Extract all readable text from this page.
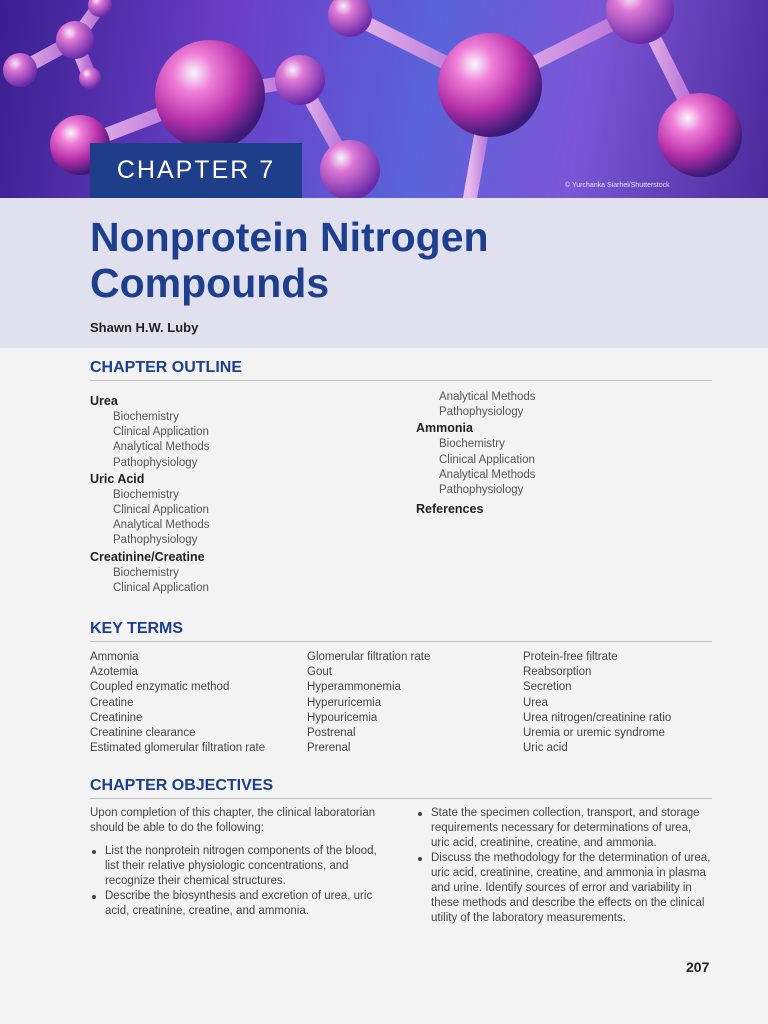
CHAPTER 7
© Yurchanka Siarhei/Shutterstock
Nonprotein Nitrogen
Compounds
Shawn H.W. Luby
CHAPTER OUTLINE
Urea
Biochemistry
Clinical Application
Analytical Methods
Pathophysiology
Uric Acid
Biochemistry
Clinical Application
Analytical Methods
Pathophysiology
Creatinine/Creatine
Biochemistry
Clinical Application
Analytical Methods
Pathophysiology
Ammonia
Biochemistry
Clinical Application
Analytical Methods
Pathophysiology
References
KEY TERMS
Ammonia
Azotemia
Coupled enzymatic method
Creatine
Creatinine
Creatinine clearance
Estimated glomerular filtration rate
Glomerular filtration rate
Gout
Hyperammonemia
Hyperuricemia
Hypouricemia
Postrenal
Prerenal
Protein-free filtrate
Reabsorption
Secretion
Urea
Urea nitrogen/creatinine ratio
Uremia or uremic syndrome
Uric acid
CHAPTER OBJECTIVES
Upon completion of this chapter, the clinical laboratorian should be able to do the following:
List the nonprotein nitrogen components of the blood, list their relative physiologic concentrations, and recognize their chemical structures.
Describe the biosynthesis and excretion of urea, uric acid, creatinine, creatine, and ammonia.
State the specimen collection, transport, and storage requirements necessary for determinations of urea, uric acid, creatinine, creatine, and ammonia.
Discuss the methodology for the determination of urea, uric acid, creatinine, creatine, and ammonia in plasma and urine. Identify sources of error and variability in these methods and describe the effects on the clinical utility of the laboratory measurements.
207
